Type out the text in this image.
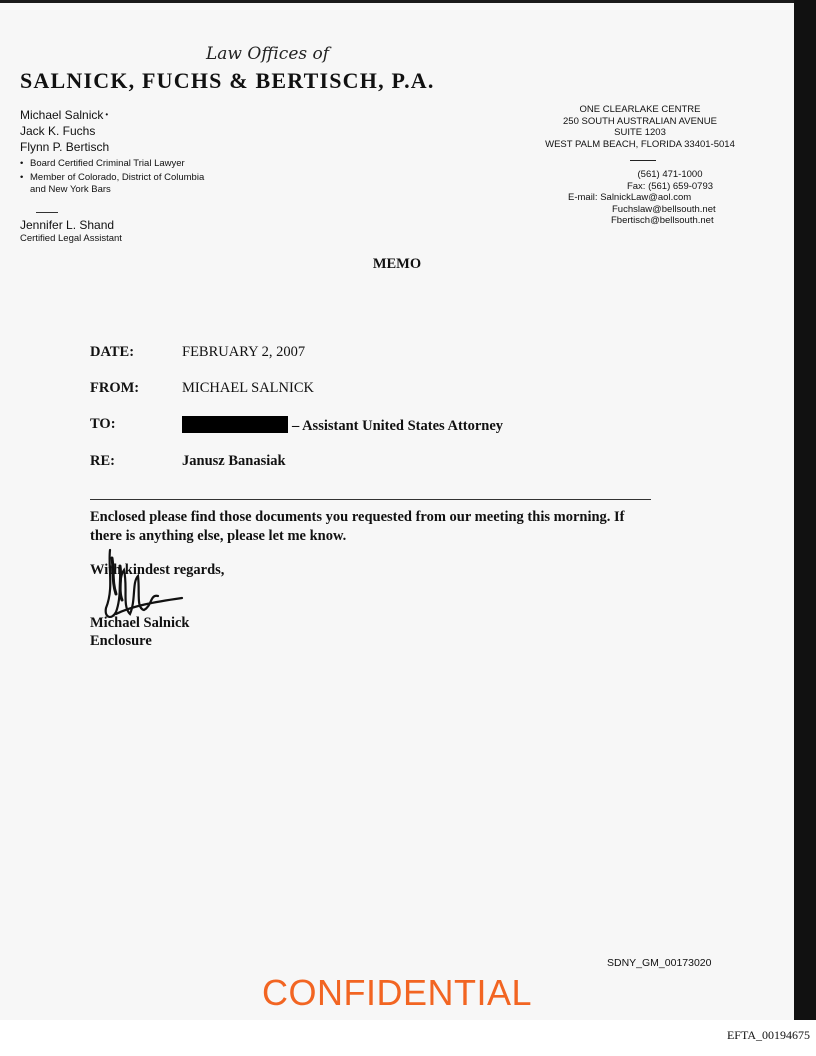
Law Offices of
SALNICK, FUCHS & BERTISCH, P.A.
Michael Salnick •
Jack K. Fuchs
Flynn P. Bertisch
• Board Certified Criminal Trial Lawyer
• Member of Colorado, District of Columbia
and New York Bars
Jennifer L. Shand
Certified Legal Assistant
ONE CLEARLAKE CENTRE
250 SOUTH AUSTRALIAN AVENUE
SUITE 1203
WEST PALM BEACH, FLORIDA 33401-5014
(561) 471-1000
Fax: (561) 659-0793
E-mail: SalnickLaw@aol.com
Fuchslaw@bellsouth.net
Fbertisch@bellsouth.net
MEMO
DATE:	FEBRUARY 2, 2007
FROM:	MICHAEL SALNICK
TO:	– Assistant United States Attorney
RE:	Janusz Banasiak
Enclosed please find those documents you requested from our meeting this morning. If
there is anything else, please let me know.
With kindest regards,
Michael Salnick
Enclosure
SDNY_GM_00173020
CONFIDENTIAL
EFTA_00194675
